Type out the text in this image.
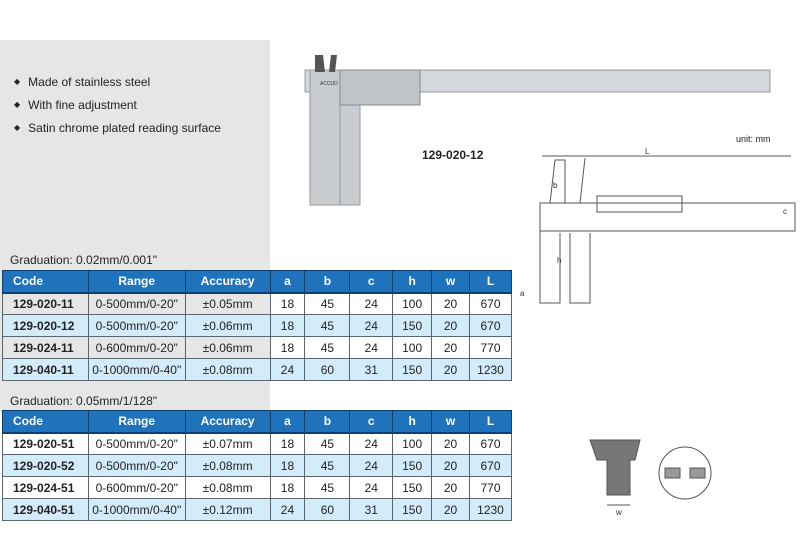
◆ Made of stainless steel
◆ With fine adjustment
◆ Satin chrome plated reading surface
ACCUD
129-020-12
unit: mm
L
b
h
a
c
Graduation: 0.02mm/0.001"
Code	Range	Accuracy	a	b	c	h	w	L
129-020-11	0-500mm/0-20"	±0.05mm	18	45	24	100	20	670
129-020-12	0-500mm/0-20"	±0.06mm	18	45	24	150	20	670
129-024-11	0-600mm/0-20"	±0.06mm	18	45	24	100	20	770
129-040-11	0-1000mm/0-40"	±0.08mm	24	60	31	150	20	1230
Graduation: 0.05mm/1/128"
Code	Range	Accuracy	a	b	c	h	w	L
129-020-51	0-500mm/0-20"	±0.07mm	18	45	24	100	20	670
129-020-52	0-500mm/0-20"	±0.08mm	18	45	24	150	20	670
129-024-51	0-600mm/0-20"	±0.08mm	18	45	24	150	20	770
129-040-51	0-1000mm/0-40"	±0.12mm	24	60	31	150	20	1230	w
